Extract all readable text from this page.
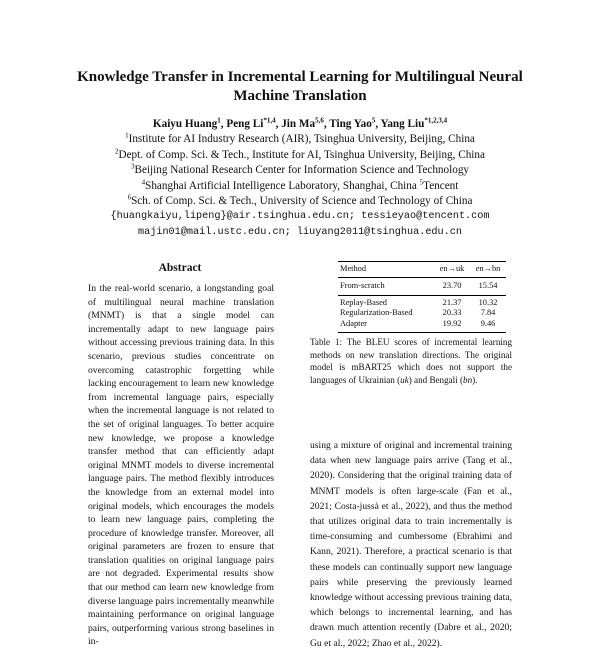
Knowledge Transfer in Incremental Learning for Multilingual Neural Machine Translation
Kaiyu Huang$^1$, Peng Li$^{*1,4}$, Jin Ma$^{5,6}$, Ting Yao$^5$, Yang Liu$^{*1,2,3,4}$
$^1$Institute for AI Industry Research (AIR), Tsinghua University, Beijing, China
$^2$Dept. of Comp. Sci. & Tech., Institute for AI, Tsinghua University, Beijing, China
$^3$Beijing National Research Center for Information Science and Technology
$^4$Shanghai Artificial Intelligence Laboratory, Shanghai, China $^5$Tencent
$^6$Sch. of Comp. Sci. & Tech., University of Science and Technology of China
{huangkaiyu,lipeng}@air.tsinghua.edu.cn; tessieyao@tencent.com
majin01@mail.ustc.edu.cn; liuyang2011@tsinghua.edu.cn
Abstract

In the real-world scenario, a longstanding goal of multilingual neural machine translation (MNMT) is that a single model can incrementally adapt to new language pairs without accessing previous training data. In this scenario, previous studies concentrate on overcoming catastrophic forgetting while lacking encouragement to learn new knowledge from incremental language pairs, especially when the incremental language is not related to the set of original languages. To better acquire new knowledge, we propose a knowledge transfer method that can efficiently adapt original MNMT models to diverse incremental language pairs. The method flexibly introduces the knowledge from an external model into original models, which encourages the models to learn new language pairs, completing the procedure of knowledge transfer. Moreover, all original parameters are frozen to ensure that translation qualities on original language pairs are not degraded. Experimental results show that our method can learn new knowledge from diverse language pairs incrementally meanwhile maintaining performance on original language pairs, outperforming various strong baselines in in-

Method	en→uk	en→bn
From-scratch	23.70	15.54
Replay-Based	21.37	10.32
Regularization-Based	20.33	7.84
Adapter	19.92	9.46

Table 1: The BLEU scores of incremental learning methods on new translation directions. The original model is mBART25 which does not support the languages of Ukrainian (uk) and Bengali (bn).

using a mixture of original and incremental training data when new language pairs arrive (Tang et al., 2020). Considering that the original training data of MNMT models is often large-scale (Fan et al., 2021; Costa-jussà et al., 2022), and thus the method that utilizes original data to train incrementally is time-consuming and cumbersome (Ebrahimi and Kann, 2021). Therefore, a practical scenario is that these models can continually support new language pairs while preserving the previously learned knowledge without accessing previous training data, which belongs to incremental learning, and has drawn much attention recently (Dabre et al., 2020; Gu et al., 2022; Zhao et al., 2022).
